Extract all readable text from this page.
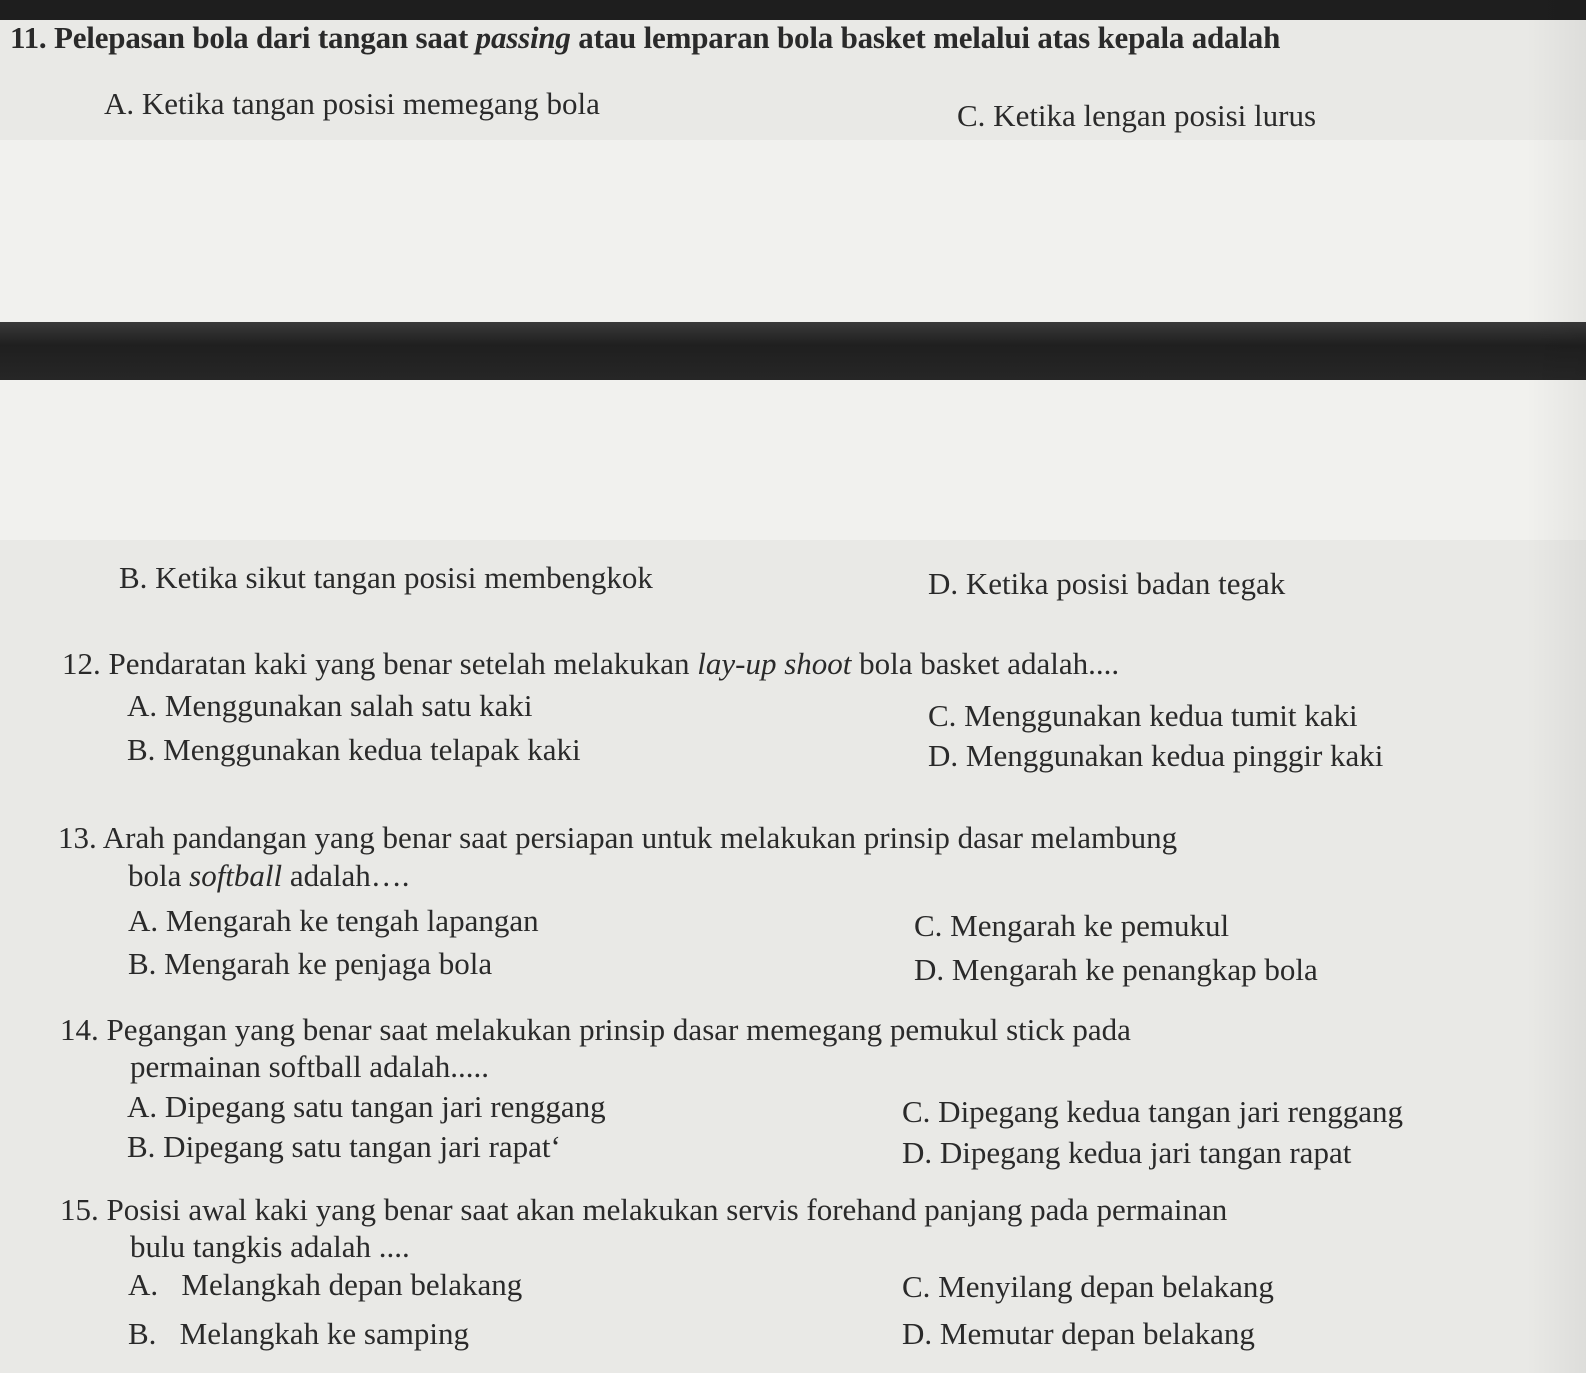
11. Pelepasan bola dari tangan saat passing atau lemparan bola basket melalui atas kepala adalah
A. Ketika tangan posisi memegang bola	C. Ketika lengan posisi lurus
B. Ketika sikut tangan posisi membengkok	D. Ketika posisi badan tegak
12. Pendaratan kaki yang benar setelah melakukan lay-up shoot bola basket adalah....
A. Menggunakan salah satu kaki	C. Menggunakan kedua tumit kaki
B. Menggunakan kedua telapak kaki	D. Menggunakan kedua pinggir kaki
13. Arah pandangan yang benar saat persiapan untuk melakukan prinsip dasar melambung
bola softball adalah….
A. Mengarah ke tengah lapangan	C. Mengarah ke pemukul
B. Mengarah ke penjaga bola	D. Mengarah ke penangkap bola
14. Pegangan yang benar saat melakukan prinsip dasar memegang pemukul stick pada
permainan softball adalah.....
A. Dipegang satu tangan jari renggang	C. Dipegang kedua tangan jari renggang
B. Dipegang satu tangan jari rapat‘	D. Dipegang kedua jari tangan rapat
15. Posisi awal kaki yang benar saat akan melakukan servis forehand panjang pada permainan
bulu tangkis adalah ....
A.   Melangkah depan belakang	C. Menyilang depan belakang
B.   Melangkah ke samping	D. Memutar depan belakang
